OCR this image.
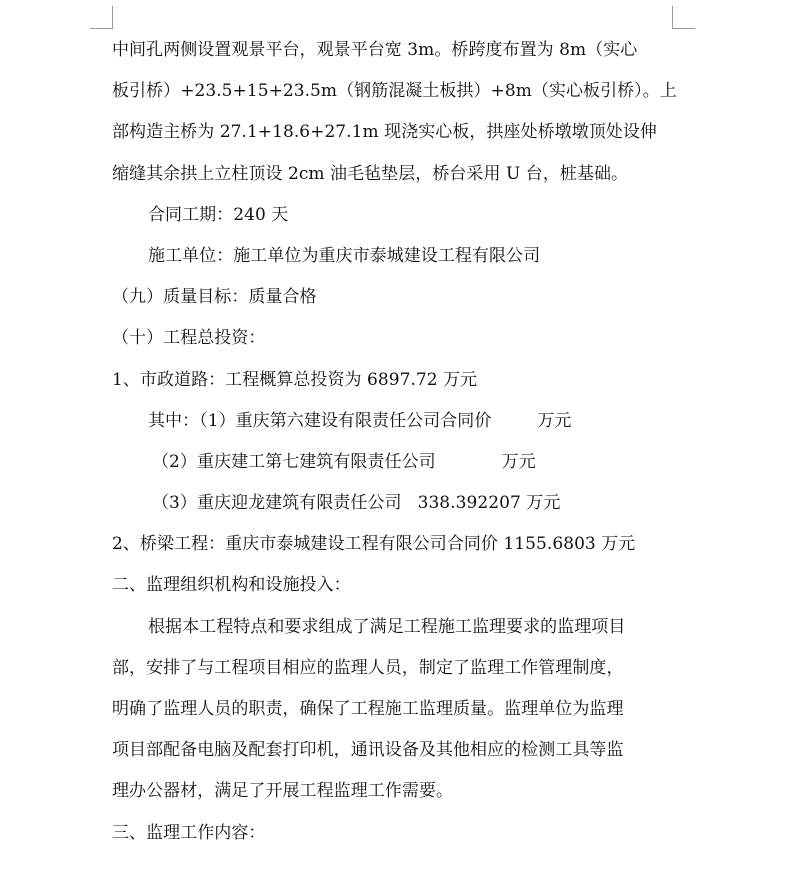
中间孔两侧设置观景平台，观景平台宽 3m。桥跨度布置为 8m（实心
板引桥）+23.5+15+23.5m（钢筋混凝土板拱）+8m（实心板引桥）。上
部构造主桥为 27.1+18.6+27.1m 现浇实心板，拱座处桥墩墩顶处设伸
缩缝其余拱上立柱顶设 2cm 油毛毡垫层，桥台采用 U 台，桩基础。
合同工期：240 天
施工单位：施工单位为重庆市泰城建设工程有限公司
（九）质量目标：质量合格
（十）工程总投资：
1、市政道路：工程概算总投资为 6897.72 万元
其中：（1）重庆第六建设有限责任公司合同价	万元
（2）重庆建工第七建筑有限责任公司	万元
（3）重庆迎龙建筑有限责任公司 338.392207 万元
2、桥梁工程：重庆市泰城建设工程有限公司合同价 1155.6803 万元
二、监理组织机构和设施投入：
根据本工程特点和要求组成了满足工程施工监理要求的监理项目
部，安排了与工程项目相应的监理人员，制定了监理工作管理制度，
明确了监理人员的职责，确保了工程施工监理质量。监理单位为监理
项目部配备电脑及配套打印机，通讯设备及其他相应的检测工具等监
理办公器材，满足了开展工程监理工作需要。
三、监理工作内容：
